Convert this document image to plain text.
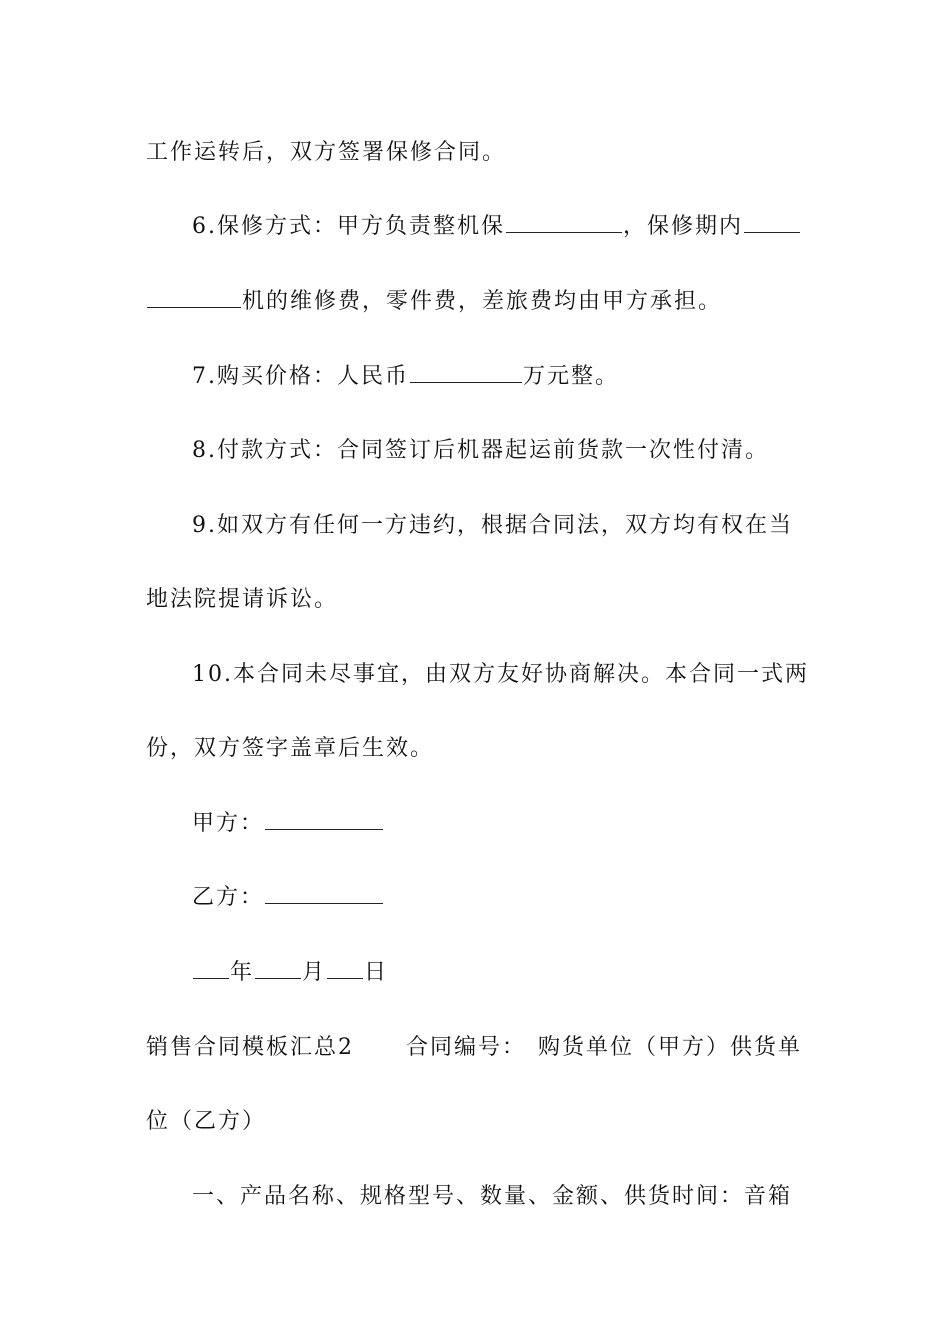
工作运转后，双方签署保修合同。
6.保修方式：甲方负责整机保	，保修期内
机的维修费，零件费，差旅费均由甲方承担。
7.购买价格：人民币	万元整。
8.付款方式：合同签订后机器起运前货款一次性付清。
9.如双方有任何一方违约，根据合同法，双方均有权在当
地法院提请诉讼。
10.本合同未尽事宜，由双方友好协商解决。本合同一式两
份，双方签字盖章后生效。
甲方：
乙方：
年 月 日
销售合同模板汇总2 合同编号： 购货单位（甲方）供货单
位（乙方）
一、产品名称、规格型号、数量、金额、供货时间：音箱
